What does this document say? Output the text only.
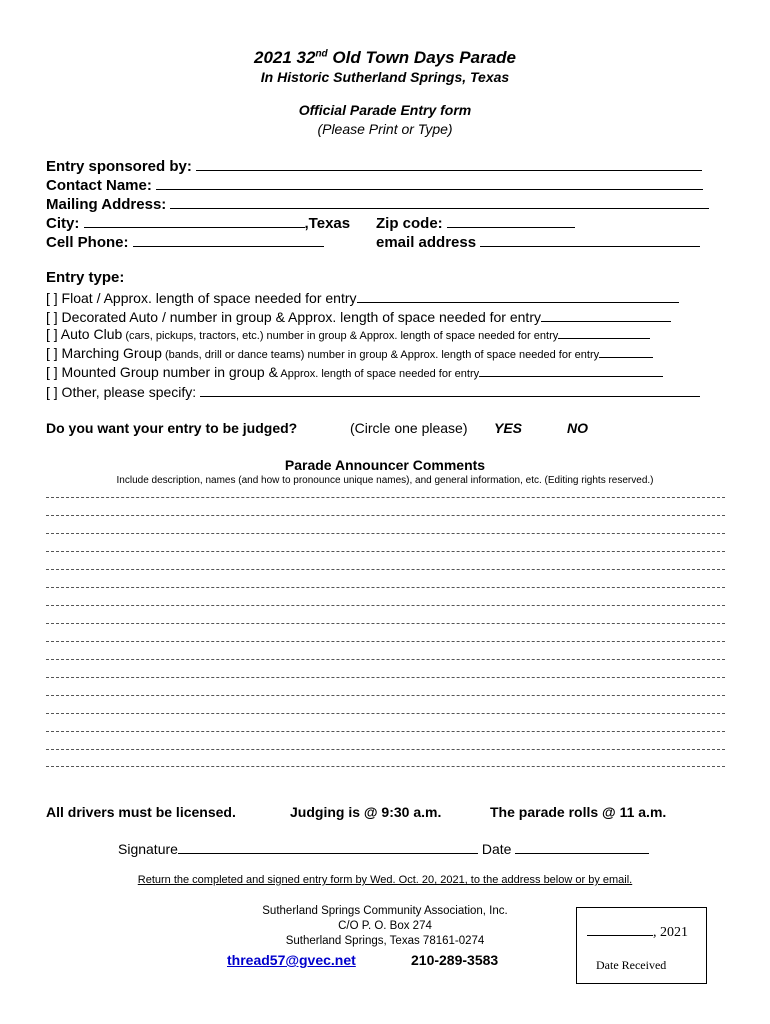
2021 32nd Old Town Days Parade
In Historic Sutherland Springs, Texas
Official Parade Entry form
(Please Print or Type)
Entry sponsored by:
Contact Name:
Mailing Address:
City:	,Texas Zip code:
Cell Phone:	email address
Entry type:
[ ] Float / Approx. length of space needed for entry
[ ] Decorated Auto / number in group & Approx. length of space needed for entry
[ ] Auto Club (cars, pickups, tractors, etc.) number in group & Approx. length of space needed for entry
[ ] Marching Group (bands, drill or dance teams) number in group & Approx. length of space needed for entry
[ ] Mounted Group number in group & Approx. length of space needed for entry
[ ] Other, please specify:
Do you want your entry to be judged?	(Circle one please) YES	NO
Parade Announcer Comments
Include description, names (and how to pronounce unique names), and general information, etc. (Editing rights reserved.)
All drivers must be licensed.	Judging is @ 9:30 a.m.	The parade rolls @ 11 a.m.
Signature	Date
Return the completed and signed entry form by Wed. Oct. 20, 2021, to the address below or by email.
Sutherland Springs Community Association, Inc.
C/O P. O. Box 274
Sutherland Springs, Texas 78161-0274
thread57@gvec.net	210-289-3583
, 2021
Date Received
